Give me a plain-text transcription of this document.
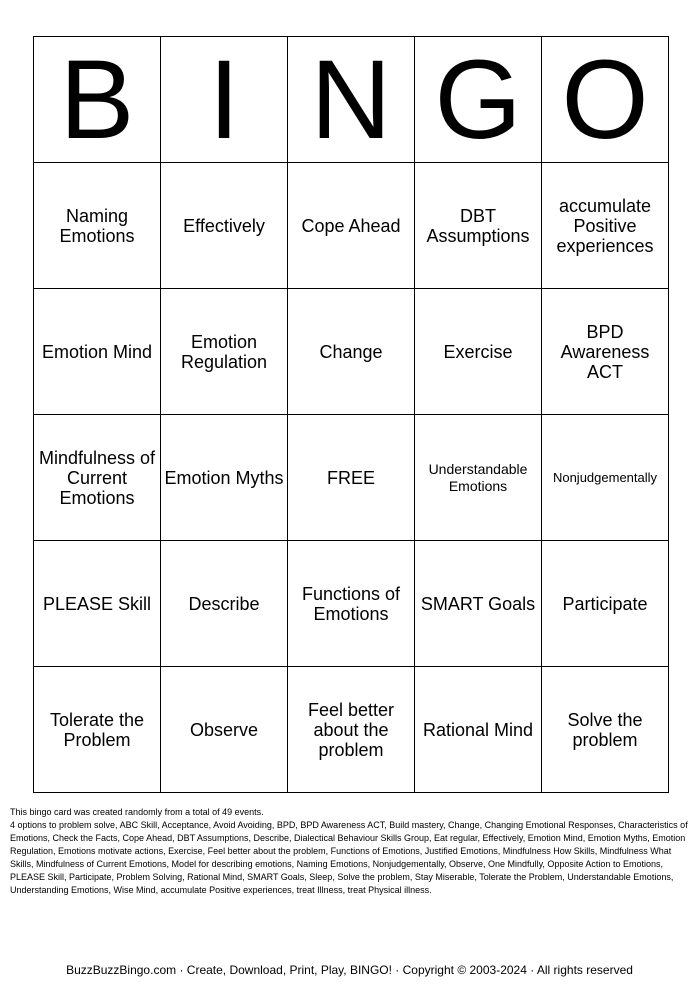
B	I	N	G	O
Naming Emotions	Effectively	Cope Ahead	DBT Assumptions	accumulate Positive experiences
Emotion Mind	Emotion Regulation	Change	Exercise	BPD Awareness ACT
Mindfulness of Current Emotions	Emotion Myths	FREE	Understandable Emotions	Nonjudgementally
PLEASE Skill	Describe	Functions of Emotions	SMART Goals	Participate
Tolerate the Problem	Observe	Feel better about the problem	Rational Mind	Solve the problem

This bingo card was created randomly from a total of 49 events.

4 options to problem solve, ABC Skill, Acceptance, Avoid Avoiding, BPD, BPD Awareness ACT, Build mastery, Change, Changing Emotional Responses, Characteristics of Emotions, Check the Facts, Cope Ahead, DBT Assumptions, Describe, Dialectical Behaviour Skills Group, Eat regular, Effectively, Emotion Mind, Emotion Myths, Emotion Regulation, Emotions motivate actions, Exercise, Feel better about the problem, Functions of Emotions, Justified Emotions, Mindfulness How Skills, Mindfulness What Skills, Mindfulness of Current Emotions, Model for describing emotions, Naming Emotions, Nonjudgementally, Observe, One Mindfully, Opposite Action to Emotions, PLEASE Skill, Participate, Problem Solving, Rational Mind, SMART Goals, Sleep, Solve the problem, Stay Miserable, Tolerate the Problem, Understandable Emotions, Understanding Emotions, Wise Mind, accumulate Positive experiences, treat Illness, treat Physical illness.

BuzzBuzzBingo.com · Create, Download, Print, Play, BINGO! · Copyright © 2003-2024 · All rights reserved
